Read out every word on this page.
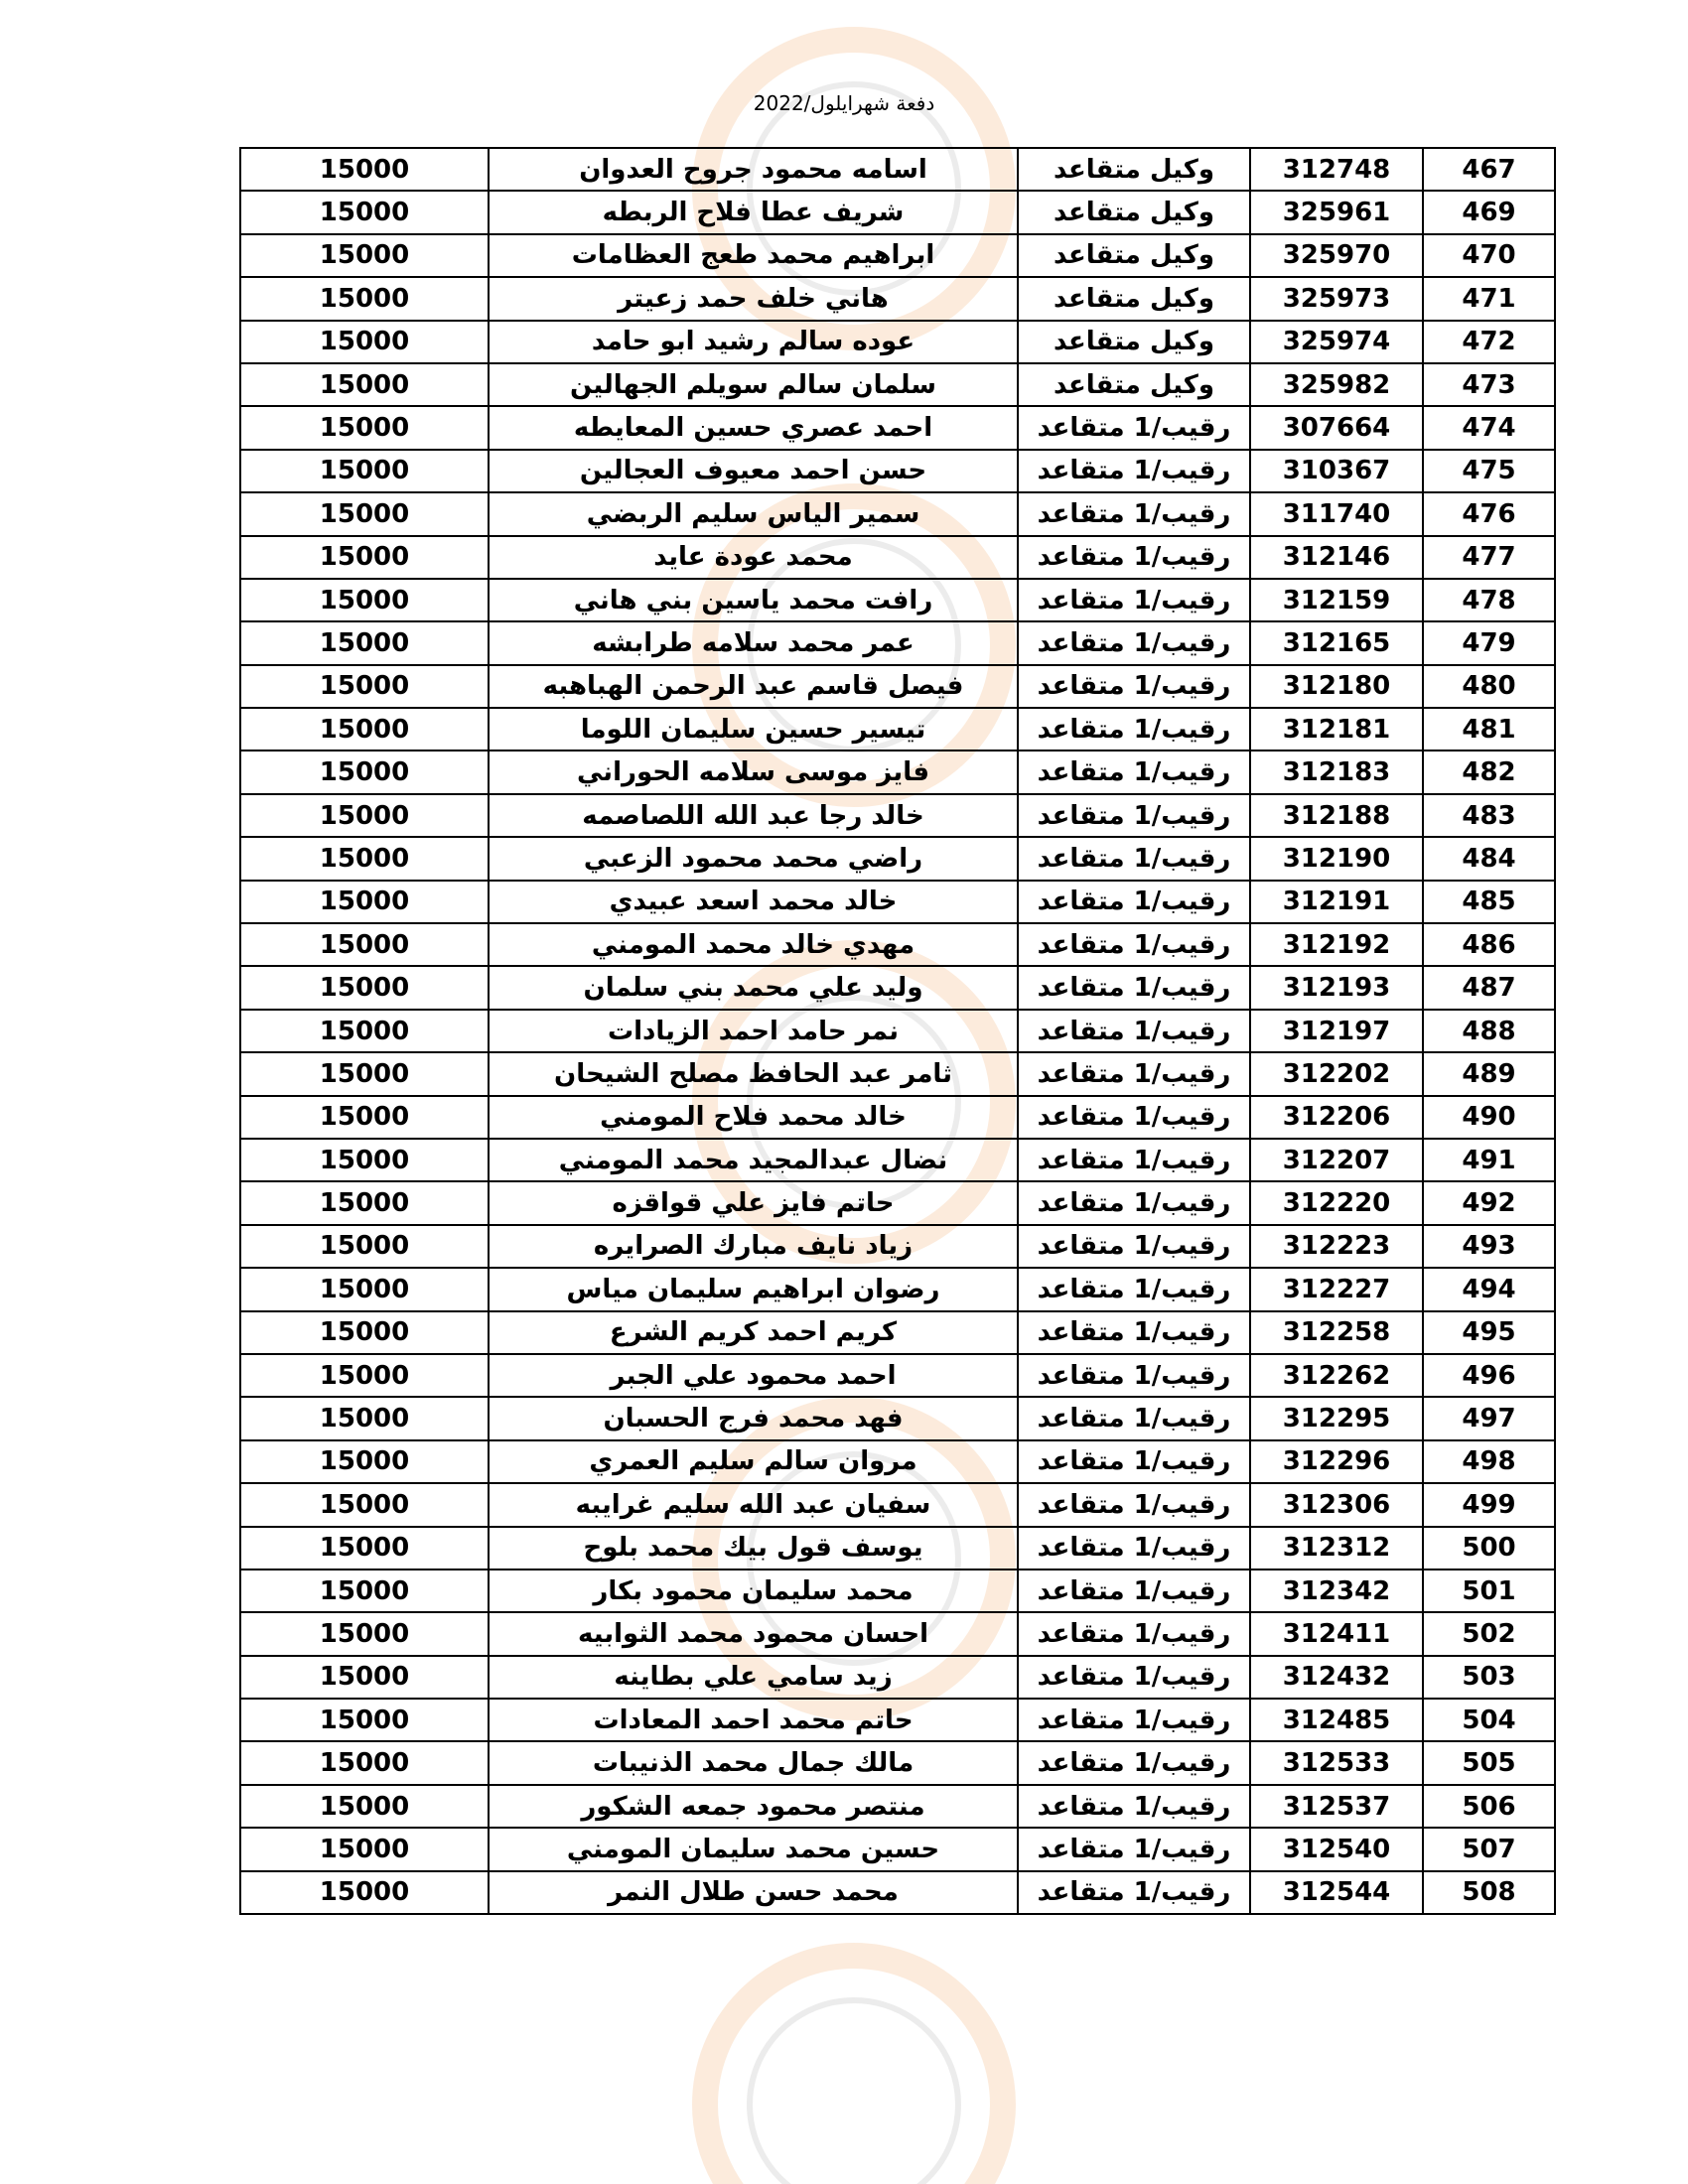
دفعة شهرايلول/2022
467	312748	وكيل متقاعد	اسامه محمود جروح العدوان	15000
469	325961	وكيل متقاعد	شريف عطا فلاح الربطه	15000
470	325970	وكيل متقاعد	ابراهيم محمد طعج العظامات	15000
471	325973	وكيل متقاعد	هاني خلف حمد زعيتر	15000
472	325974	وكيل متقاعد	عوده سالم رشيد ابو حامد	15000
473	325982	وكيل متقاعد	سلمان سالم سويلم الجهالين	15000
474	307664	رقيب/1 متقاعد	احمد عصري حسين المعايطه	15000
475	310367	رقيب/1 متقاعد	حسن احمد معيوف العجالين	15000
476	311740	رقيب/1 متقاعد	سمير الياس سليم الربضي	15000
477	312146	رقيب/1 متقاعد	محمد عودة عايد	15000
478	312159	رقيب/1 متقاعد	رافت محمد ياسين بني هاني	15000
479	312165	رقيب/1 متقاعد	عمر محمد سلامه طرابشه	15000
480	312180	رقيب/1 متقاعد	فيصل قاسم عبد الرحمن الهباهبه	15000
481	312181	رقيب/1 متقاعد	تيسير حسين سليمان اللوما	15000
482	312183	رقيب/1 متقاعد	فايز موسى سلامه الحوراني	15000
483	312188	رقيب/1 متقاعد	خالد رجا عبد الله اللصاصمه	15000
484	312190	رقيب/1 متقاعد	راضي محمد محمود الزعبي	15000
485	312191	رقيب/1 متقاعد	خالد محمد اسعد عبيدي	15000
486	312192	رقيب/1 متقاعد	مهدي خالد محمد المومني	15000
487	312193	رقيب/1 متقاعد	وليد علي محمد بني سلمان	15000
488	312197	رقيب/1 متقاعد	نمر حامد احمد الزيادات	15000
489	312202	رقيب/1 متقاعد	ثامر عبد الحافظ مصلح الشيحان	15000
490	312206	رقيب/1 متقاعد	خالد محمد فلاح المومني	15000
491	312207	رقيب/1 متقاعد	نضال عبدالمجيد محمد المومني	15000
492	312220	رقيب/1 متقاعد	حاتم فايز علي قواقزه	15000
493	312223	رقيب/1 متقاعد	زياد نايف مبارك الصرايره	15000
494	312227	رقيب/1 متقاعد	رضوان ابراهيم سليمان مياس	15000
495	312258	رقيب/1 متقاعد	كريم احمد كريم الشرع	15000
496	312262	رقيب/1 متقاعد	احمد محمود علي الجبر	15000
497	312295	رقيب/1 متقاعد	فهد محمد فرج الحسبان	15000
498	312296	رقيب/1 متقاعد	مروان سالم سليم العمري	15000
499	312306	رقيب/1 متقاعد	سفيان عبد الله سليم غرايبه	15000
500	312312	رقيب/1 متقاعد	يوسف قول بيك محمد بلوح	15000
501	312342	رقيب/1 متقاعد	محمد سليمان محمود بكار	15000
502	312411	رقيب/1 متقاعد	احسان محمود محمد الثوابيه	15000
503	312432	رقيب/1 متقاعد	زيد سامي علي بطاينه	15000
504	312485	رقيب/1 متقاعد	حاتم محمد احمد المعادات	15000
505	312533	رقيب/1 متقاعد	مالك جمال محمد الذنيبات	15000
506	312537	رقيب/1 متقاعد	منتصر محمود جمعه الشكور	15000
507	312540	رقيب/1 متقاعد	حسين محمد سليمان المومني	15000
508	312544	رقيب/1 متقاعد	محمد حسن طلال النمر	15000
